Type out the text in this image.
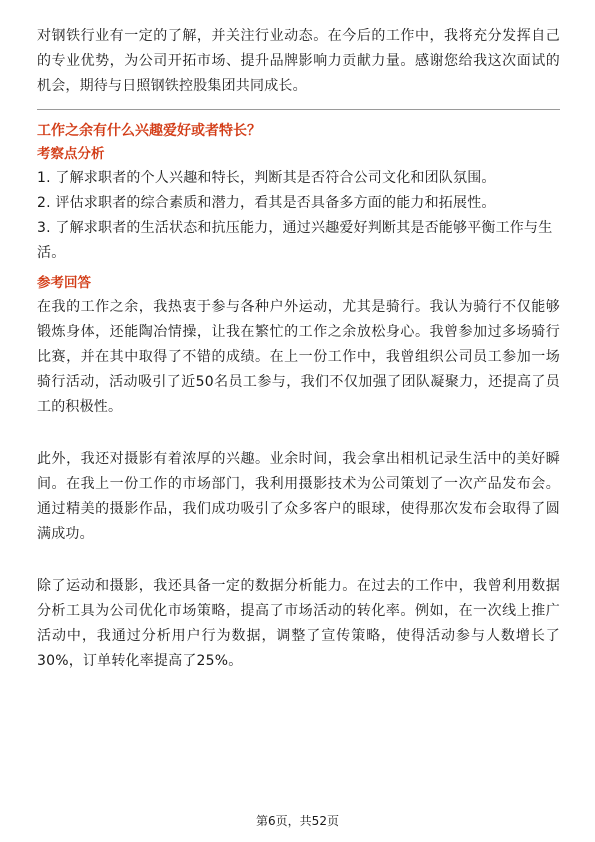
对钢铁行业有一定的了解，并关注行业动态。在今后的工作中，我将充分发挥自己的专业优势，为公司开拓市场、提升品牌影响力贡献力量。感谢您给我这次面试的机会，期待与日照钢铁控股集团共同成长。

工作之余有什么兴趣爱好或者特长？

考察点分析

1. 了解求职者的个人兴趣和特长，判断其是否符合公司文化和团队氛围。
2. 评估求职者的综合素质和潜力，看其是否具备多方面的能力和拓展性。
3. 了解求职者的生活状态和抗压能力，通过兴趣爱好判断其是否能够平衡工作与生活。

参考回答

在我的工作之余，我热衷于参与各种户外运动，尤其是骑行。我认为骑行不仅能够锻炼身体，还能陶冶情操，让我在繁忙的工作之余放松身心。我曾参加过多场骑行比赛，并在其中取得了不错的成绩。在上一份工作中，我曾组织公司员工参加一场骑行活动，活动吸引了近50名员工参与，我们不仅加强了团队凝聚力，还提高了员工的积极性。

此外，我还对摄影有着浓厚的兴趣。业余时间，我会拿出相机记录生活中的美好瞬间。在我上一份工作的市场部门，我利用摄影技术为公司策划了一次产品发布会。通过精美的摄影作品，我们成功吸引了众多客户的眼球，使得那次发布会取得了圆满成功。

除了运动和摄影，我还具备一定的数据分析能力。在过去的工作中，我曾利用数据分析工具为公司优化市场策略，提高了市场活动的转化率。例如，在一次线上推广活动中，我通过分析用户行为数据，调整了宣传策略，使得活动参与人数增长了30%，订单转化率提高了25%。

第6页，共52页
